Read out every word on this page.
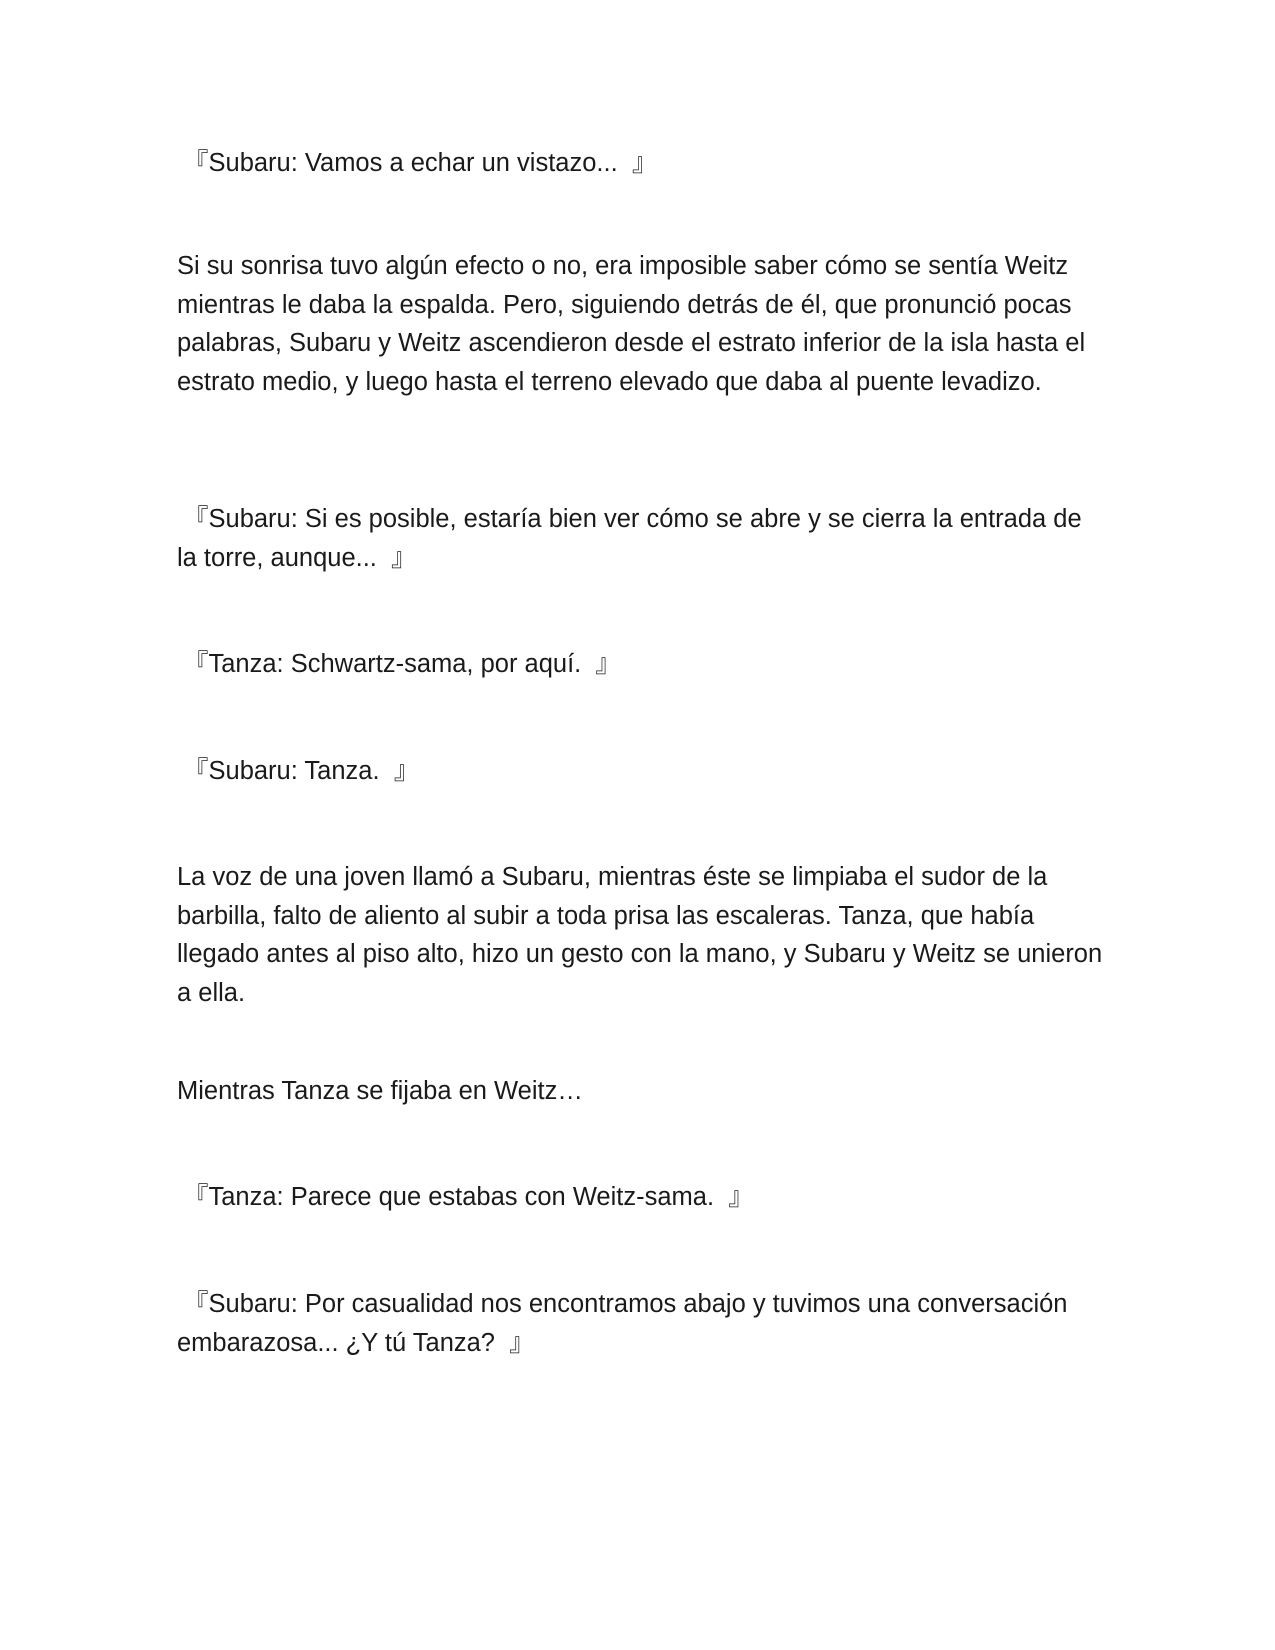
『Subaru: Vamos a echar un vistazo...  』

Si su sonrisa tuvo algún efecto o no, era imposible saber cómo se sentía Weitz mientras le daba la espalda. Pero, siguiendo detrás de él, que pronunció pocas palabras, Subaru y Weitz ascendieron desde el estrato inferior de la isla hasta el estrato medio, y luego hasta el terreno elevado que daba al puente levadizo.

『Subaru: Si es posible, estaría bien ver cómo se abre y se cierra la entrada de la torre, aunque...  』

『Tanza: Schwartz-sama, por aquí.  』

『Subaru: Tanza.  』

La voz de una joven llamó a Subaru, mientras éste se limpiaba el sudor de la barbilla, falto de aliento al subir a toda prisa las escaleras. Tanza, que había llegado antes al piso alto, hizo un gesto con la mano, y Subaru y Weitz se unieron a ella.

Mientras Tanza se fijaba en Weitz…

『Tanza: Parece que estabas con Weitz-sama.  』

『Subaru: Por casualidad nos encontramos abajo y tuvimos una conversación embarazosa... ¿Y tú Tanza?  』
